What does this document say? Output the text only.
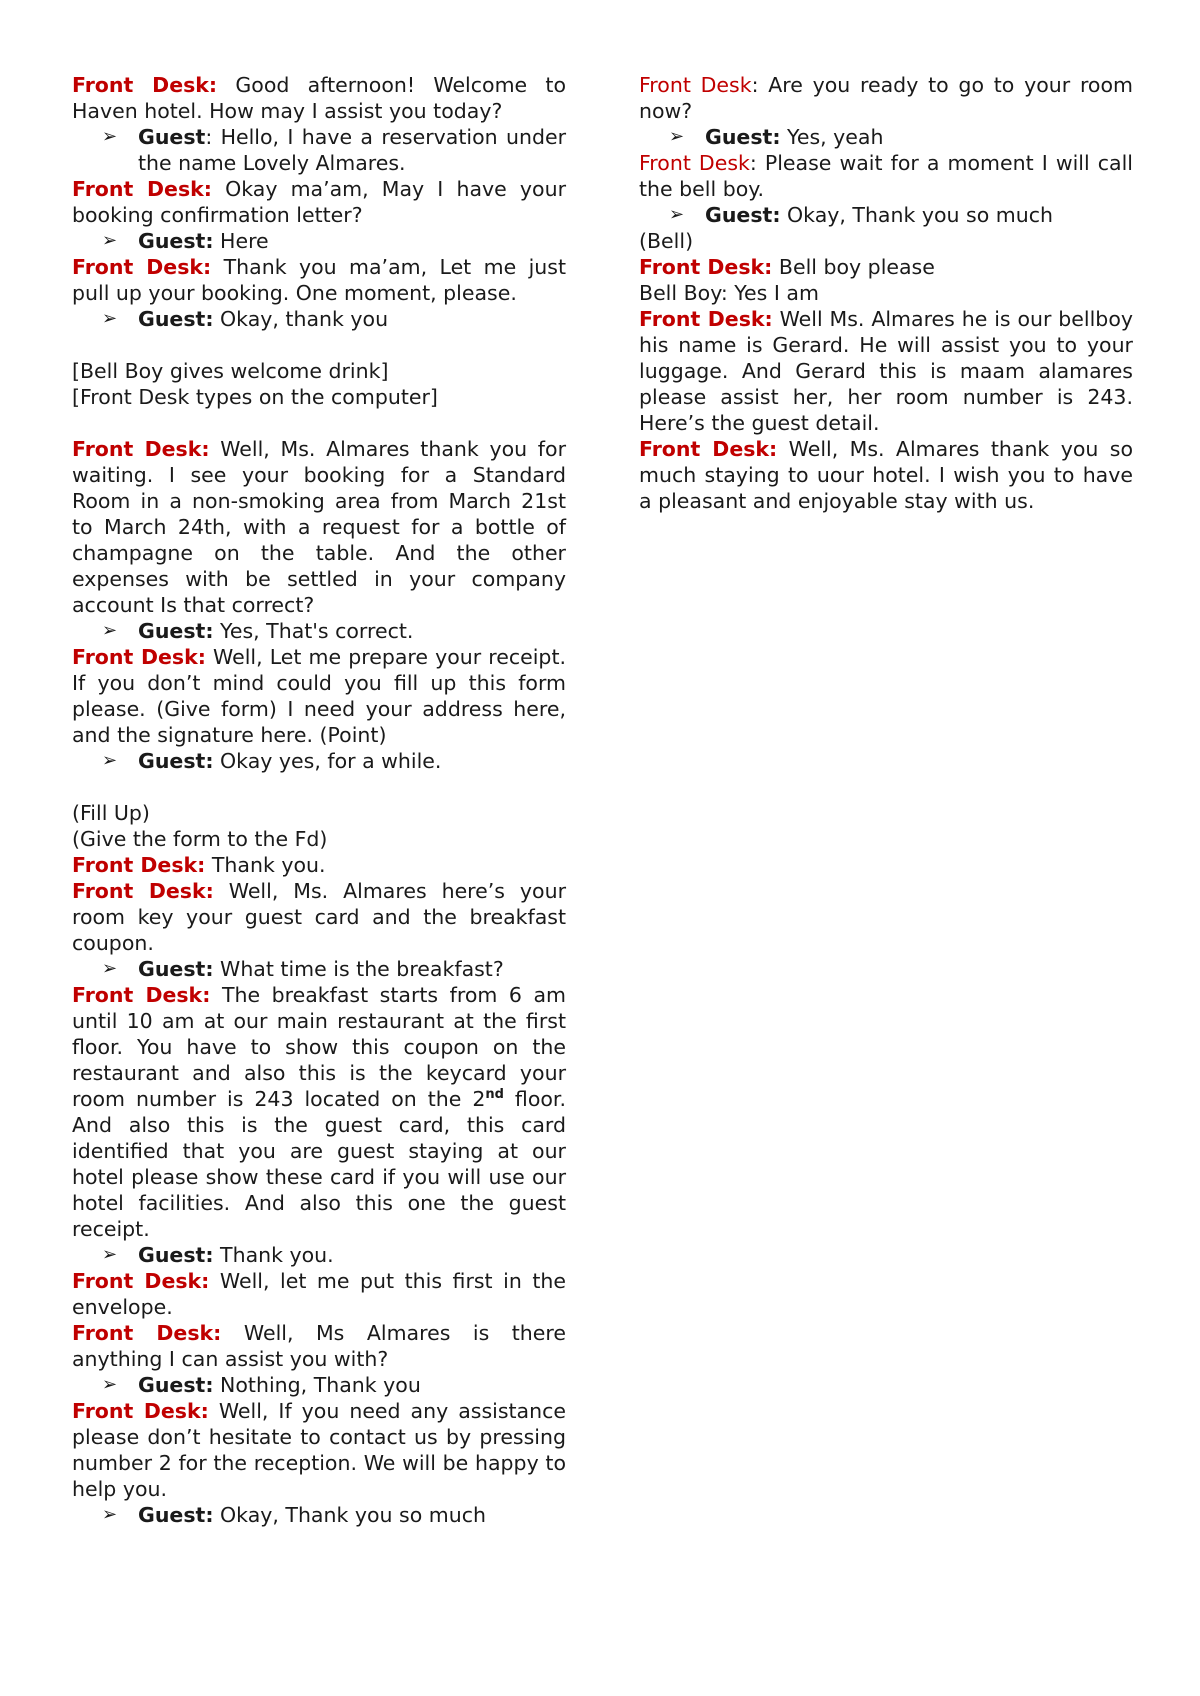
Front Desk: Good afternoon! Welcome to Haven hotel. How may I assist you today?

➢ Guest: Hello, I have a reservation under the name Lovely Almares.

Front Desk: Okay ma’am, May I have your booking confirmation letter?

➢ Guest: Here

Front Desk: Thank you ma’am, Let me just pull up your booking. One moment, please.

➢ Guest: Okay, thank you

[Bell Boy gives welcome drink]

[Front Desk types on the computer]

Front Desk: Well, Ms. Almares thank you for waiting. I see your booking for a Standard Room in a non-smoking area from March 21st to March 24th, with a request for a bottle of champagne on the table. And the other expenses with be settled in your company account Is that correct?

➢ Guest: Yes, That's correct.

Front Desk: Well, Let me prepare your receipt. If you don’t mind could you fill up this form please. (Give form) I need your address here, and the signature here. (Point)

➢ Guest: Okay yes, for a while.

(Fill Up)

(Give the form to the Fd)

Front Desk: Thank you.

Front Desk: Well, Ms. Almares here’s your room key your guest card and the breakfast coupon.

➢ Guest: What time is the breakfast?

Front Desk: The breakfast starts from 6 am until 10 am at our main restaurant at the first floor. You have to show this coupon on the restaurant and also this is the keycard your room number is 243 located on the 2nd floor. And also this is the guest card, this card identified that you are guest staying at our hotel please show these card if you will use our hotel facilities. And also this one the guest receipt.

➢ Guest: Thank you.

Front Desk: Well, let me put this first in the envelope.

Front Desk: Well, Ms Almares is there anything I can assist you with?

➢ Guest: Nothing, Thank you

Front Desk: Well, If you need any assistance please don’t hesitate to contact us by pressing number 2 for the reception. We will be happy to help you.

➢ Guest: Okay, Thank you so much

Front Desk: Are you ready to go to your room now?

➢ Guest: Yes, yeah

Front Desk: Please wait for a moment I will call the bell boy.

➢ Guest: Okay, Thank you so much

(Bell)

Front Desk: Bell boy please

Bell Boy: Yes I am

Front Desk: Well Ms. Almares he is our bellboy his name is Gerard. He will assist you to your luggage. And Gerard this is maam alamares please assist her, her room number is 243. Here’s the guest detail.

Front Desk: Well, Ms. Almares thank you so much staying to uour hotel. I wish you to have a pleasant and enjoyable stay with us.
